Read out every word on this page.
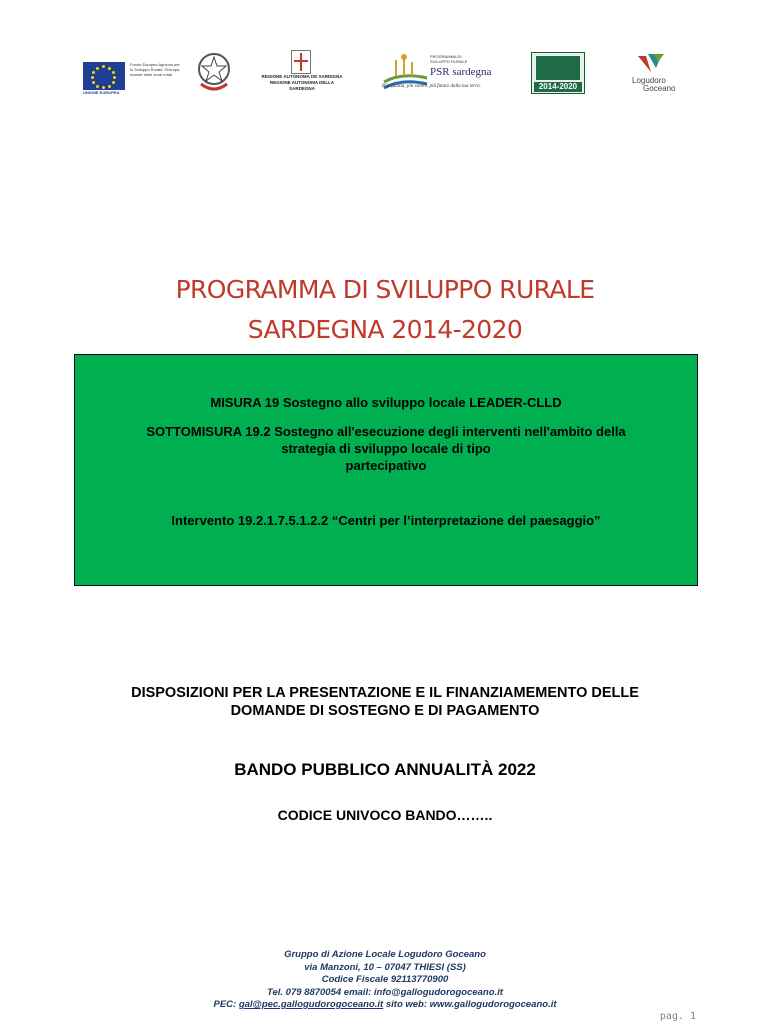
UNIONE EUROPEA
Fondo Europeo Agricolo per lo Sviluppo Rurale: l'Europa investe nelle zone rurali	REGIONE AUTÒNOMA DE SARDIGNA
REGIONE AUTONOMA DELLA SARDEGNA
PROGRAMMA DI SVILUPPO RURALE
PSR sardegna
Più qualità, più valore, più futuro dalla tua terra.	2014-2020
Logudoro
Goceano
PROGRAMMA DI SVILUPPO RURALE
SARDEGNA 2014-2020
MISURA 19 Sostegno allo sviluppo locale LEADER-CLLD
SOTTOMISURA 19.2 Sostegno all'esecuzione degli interventi nell'ambito della
strategia di sviluppo locale di tipo
partecipativo
Intervento 19.2.1.7.5.1.2.2 “Centri per l’interpretazione del paesaggio”
DISPOSIZIONI PER LA PRESENTAZIONE E IL FINANZIAMEMENTO DELLE
DOMANDE DI SOSTEGNO E DI PAGAMENTO
BANDO PUBBLICO ANNUALITÀ 2022
CODICE UNIVOCO BANDO……..
Gruppo di Azione Locale Logudoro Goceano
via Manzoni, 10 – 07047 THIESI (SS)
Codice Fiscale 92113770900
Tel. 079 8870054 email: info@gallogudorogoceano.it
PEC: gal@pec.gallogudorogoceano.it sito web: www.gallogudorogoceano.it
pag. 1
